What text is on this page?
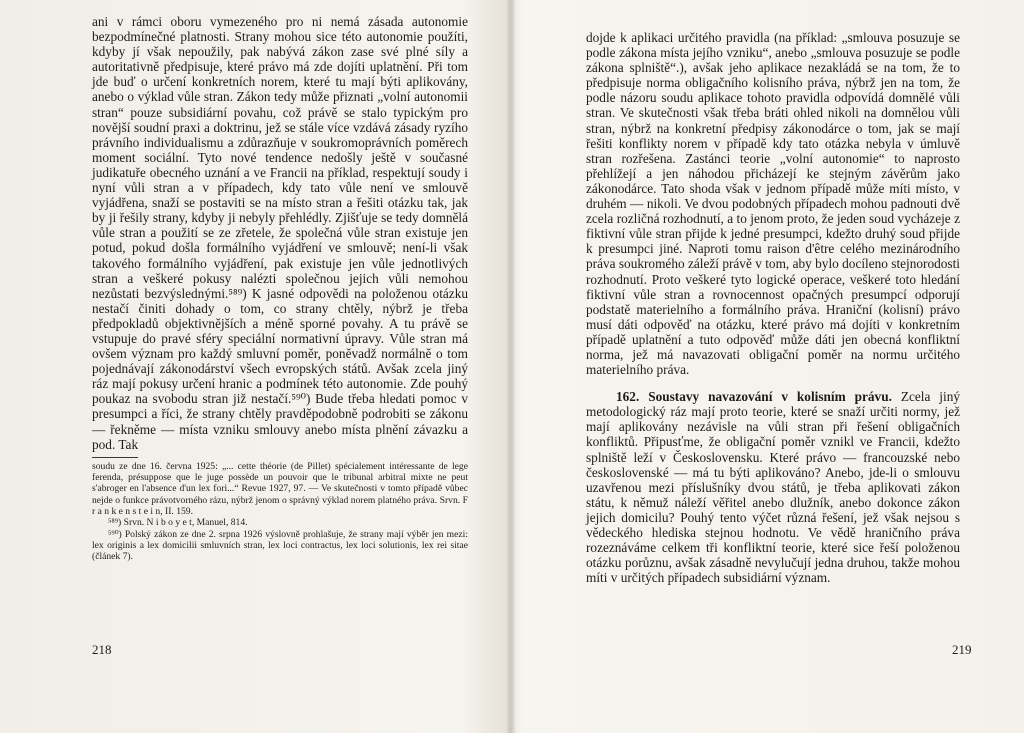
ani v rámci oboru vymezeného pro ni nemá zásada autonomie bezpodmínečné platnosti. Strany mohou sice této autonomie použíti, kdyby jí však nepoužily, pak nabývá zákon zase své plné síly a autoritativně předpisuje, které právo má zde dojíti uplatnění. Při tom jde buď o určení konkretních norem, které tu mají býti aplikovány, anebo o výklad vůle stran. Zákon tedy může přiznati „volní autonomii stran“ pouze subsidiární povahu, což právě se stalo typickým pro novější soudní praxi a doktrinu, jež se stále více vzdává zásady ryzího právního individualismu a zdůrazňuje v soukromoprávních poměrech moment sociální. Tyto nové tendence nedošly ještě v současné judikatuře obecného uznání a ve Francii na příklad, respektují soudy i nyní vůli stran a v případech, kdy tato vůle není ve smlouvě vyjádřena, snaží se postaviti se na místo stran a řešiti otázku tak, jak by ji řešily strany, kdyby ji nebyly přehlédly. Zjišťuje se tedy domnělá vůle stran a použití se ze zřetele, že společná vůle stran existuje jen potud, pokud došla formálního vyjádření ve smlouvě; není-li však takového formálního vyjádření, pak existuje jen vůle jednotlivých stran a veškeré pokusy nalézti společnou jejich vůli nemohou nezůstati bezvýslednými.⁵⁸⁹) K jasné odpovědi na položenou otázku nestačí činiti dohady o tom, co strany chtěly, nýbrž je třeba předpokladů objektivnějších a méně sporné povahy. A tu právě se vstupuje do pravé sféry speciální normativní úpravy. Vůle stran má ovšem význam pro každý smluvní poměr, poněvadž normálně o tom pojednávají zákonodárství všech evropských států. Avšak zcela jiný ráz mají pokusy určení hranic a podmínek této autonomie. Zde pouhý poukaz na svobodu stran již nestačí.⁵⁹⁰) Bude třeba hledati pomoc v presumpci a říci, že strany chtěly pravděpodobně podrobiti se zákonu — řekněme — místa vzniku smlouvy anebo místa plnění závazku a pod. Tak

soudu ze dne 16. června 1925: „... cette théorie (de Pillet) spécialement intéressante de lege ferenda, présuppose que le juge possède un pouvoir que le tribunal arbitral mixte ne peut s'abroger en l'absence d'un lex fori...“ Revue 1927, 97. — Ve skutečnosti v tomto případě vůbec nejde o funkce právotvorného rázu, nýbrž jenom o správný výklad norem platného práva. Srvn. F r a n k e n s t e i n, II. 159.

⁵⁸⁹) Srvn. N i b o y e t, Manuel, 814.

⁵⁹⁰) Polský zákon ze dne 2. srpna 1926 výslovně prohlašuje, že strany mají výběr jen mezi: lex originis a lex domicilii smluvních stran, lex loci contractus, lex loci solutionis, lex rei sitae (článek 7).

218

dojde k aplikaci určitého pravidla (na příklad: „smlouva posuzuje se podle zákona místa jejího vzniku“, anebo „smlouva posuzuje se podle zákona splniště“.), avšak jeho aplikace nezakládá se na tom, že to předpisuje norma obligačního kolisního práva, nýbrž jen na tom, že podle názoru soudu aplikace tohoto pravidla odpovídá domnělé vůli stran. Ve skutečnosti však třeba bráti ohled nikoli na domnělou vůli stran, nýbrž na konkretní předpisy zákonodárce o tom, jak se mají řešiti konflikty norem v případě kdy tato otázka nebyla v úmluvě stran rozřešena. Zastánci teorie „volní autonomie“ to naprosto přehlížejí a jen náhodou přicházejí ke stejným závěrům jako zákonodárce. Tato shoda však v jednom případě může míti místo, v druhém — nikoli. Ve dvou podobných případech mohou padnouti dvě zcela rozličná rozhodnutí, a to jenom proto, že jeden soud vycházeje z fiktivní vůle stran přijde k jedné presumpci, kdežto druhý soud přijde k presumpci jiné. Naproti tomu raison d'être celého mezinárodního práva soukromého záleží právě v tom, aby bylo docíleno stejnorodosti rozhodnutí. Proto veškeré tyto logické operace, veškeré toto hledání fiktivní vůle stran a rovnocennost opačných presumpcí odporují podstatě materielního a formálního práva. Hraniční (kolisní) právo musí dáti odpověď na otázku, které právo má dojíti v konkretním případě uplatnění a tuto odpověď může dáti jen obecná konfliktní norma, jež má navazovati obligační poměr na normu určitého materielního práva.

162. Soustavy navazování v kolisním právu. Zcela jiný metodologický ráz mají proto teorie, které se snaží určiti normy, jež mají aplikovány nezávisle na vůli stran při řešení obligačních konfliktů. Připusťme, že obligační poměr vznikl ve Francii, kdežto splniště leží v Československu. Které právo — francouzské nebo československé — má tu býti aplikováno? Anebo, jde-li o smlouvu uzavřenou mezi příslušníky dvou států, je třeba aplikovati zákon státu, k němuž náleží věřitel anebo dlužník, anebo dokonce zákon jejich domicilu? Pouhý tento výčet různá řešení, jež však nejsou s vědeckého hlediska stejnou hodnotu. Ve vědě hraničního práva rozeznáváme celkem tři konfliktní teorie, které sice řeší položenou otázku porůznu, avšak zásadně nevylučují jedna druhou, takže mohou míti v určitých případech subsidiární význam.

219
